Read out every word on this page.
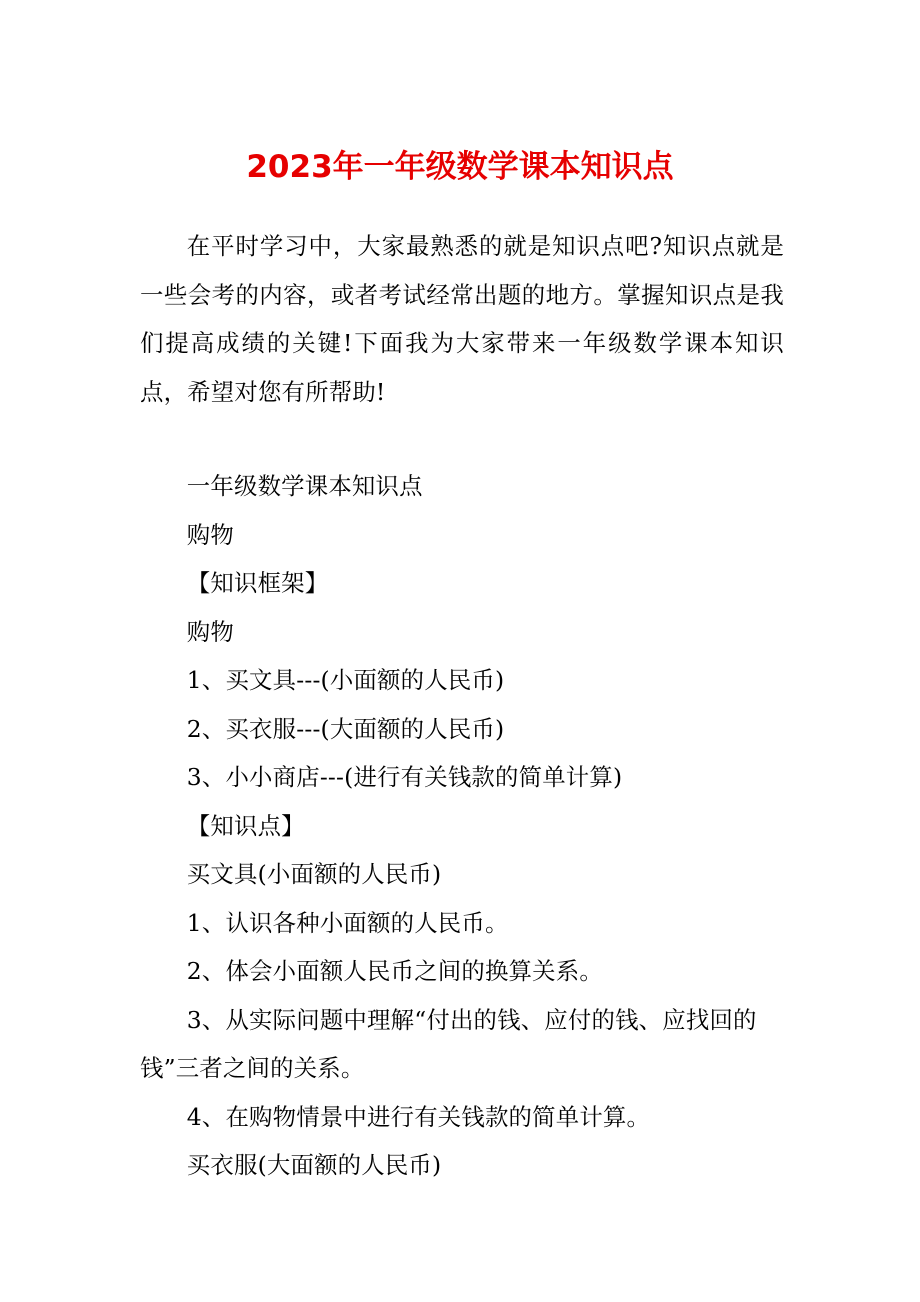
2023年一年级数学课本知识点

在平时学习中，大家最熟悉的就是知识点吧?知识点就是一些会考的内容，或者考试经常出题的地方。掌握知识点是我们提高成绩的关键!下面我为大家带来一年级数学课本知识点，希望对您有所帮助!

一年级数学课本知识点
购物
【知识框架】
购物
1、买文具---(小面额的人民币)
2、买衣服---(大面额的人民币)
3、小小商店---(进行有关钱款的简单计算)
【知识点】
买文具(小面额的人民币)
1、认识各种小面额的人民币。
2、体会小面额人民币之间的换算关系。
3、从实际问题中理解“付出的钱、应付的钱、应找回的钱”三者之间的关系。
4、在购物情景中进行有关钱款的简单计算。
买衣服(大面额的人民币)
